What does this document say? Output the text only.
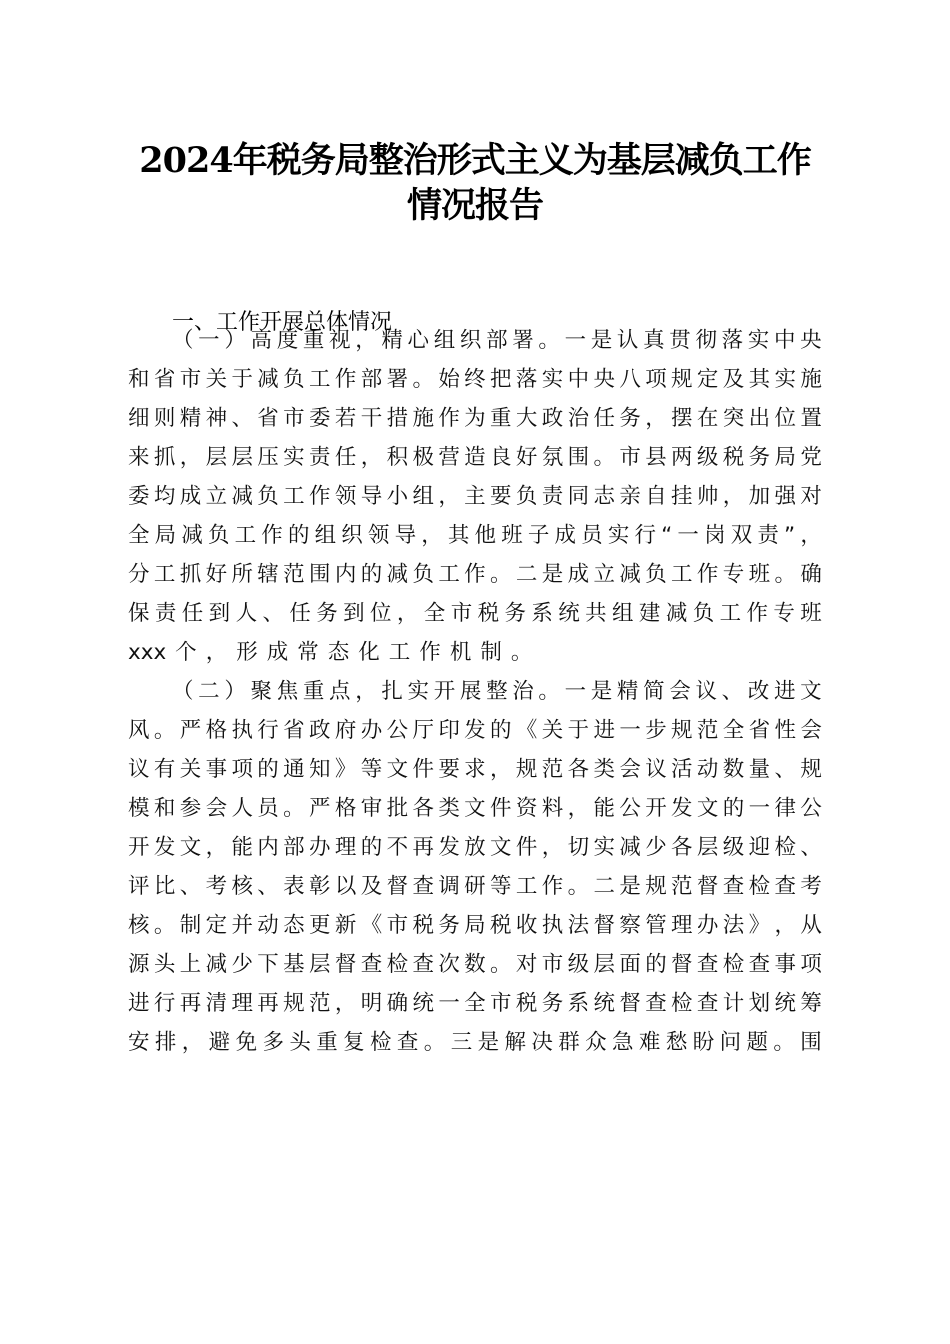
2024年税务局整治形式主义为基层减负工作
情况报告
一、工作开展总体情况
（ 一 ） 高 度 重 视 ， 精 心 组 织 部 署 。 一 是 认 真 贯 彻 落 实 中 央
和 省 市 关 于 减 负 工 作 部 署 。 始 终 把 落 实 中 央 八 项 规 定 及 其 实 施
细 则 精 神 、 省 市 委 若 干 措 施 作 为 重 大 政 治 任 务 ， 摆 在 突 出 位 置
来 抓 ， 层 层 压 实 责 任 ， 积 极 营 造 良 好 氛 围 。 市 县 两 级 税 务 局 党
委 均 成 立 减 负 工 作 领 导 小 组 ， 主 要 负 责 同 志 亲 自 挂 帅 ， 加 强 对
全 局 减 负 工 作 的 组 织 领 导 ， 其 他 班 子 成 员 实 行 “ 一 岗 双 责 ” ，
分 工 抓 好 所 辖 范 围 内 的 减 负 工 作 。 二 是 成 立 减 负 工 作 专 班 。 确
保 责 任 到 人 、 任 务 到 位 ， 全 市 税 务 系 统 共 组 建 减 负 工 作 专 班
xxx 个 ， 形 成 常 态 化 工 作 机 制 。
（ 二 ） 聚 焦 重 点 ， 扎 实 开 展 整 治 。 一 是 精 简 会 议 、 改 进 文
风 。 严 格 执 行 省 政 府 办 公 厅 印 发 的 《 关 于 进 一 步 规 范 全 省 性 会
议 有 关 事 项 的 通 知 》 等 文 件 要 求 ， 规 范 各 类 会 议 活 动 数 量 、 规
模 和 参 会 人 员 。 严 格 审 批 各 类 文 件 资 料 ， 能 公 开 发 文 的 一 律 公
开 发 文 ， 能 内 部 办 理 的 不 再 发 放 文 件 ， 切 实 减 少 各 层 级 迎 检 、
评 比 、 考 核 、 表 彰 以 及 督 查 调 研 等 工 作 。 二 是 规 范 督 查 检 查 考
核 。 制 定 并 动 态 更 新 《 市 税 务 局 税 收 执 法 督 察 管 理 办 法 》 ， 从
源 头 上 减 少 下 基 层 督 查 检 查 次 数 。 对 市 级 层 面 的 督 查 检 查 事 项
进 行 再 清 理 再 规 范 ， 明 确 统 一 全 市 税 务 系 统 督 查 检 查 计 划 统 筹
安 排 ， 避 免 多 头 重 复 检 查 。 三 是 解 决 群 众 急 难 愁 盼 问 题 。 围
